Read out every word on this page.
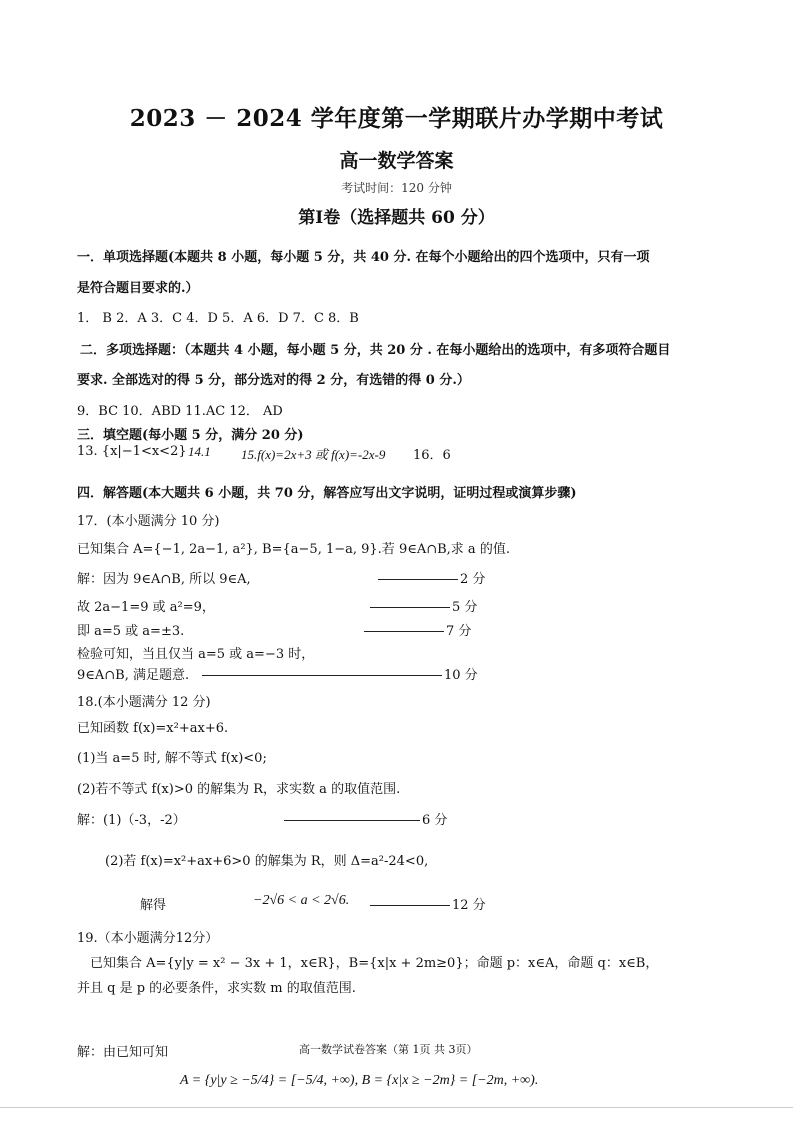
2023 － 2024 学年度第一学期联片办学期中考试
高一数学答案
考试时间：120 分钟
第Ⅰ卷（选择题共 60 分）
一．单项选择题(本题共 8 小题，每小题 5 分，共 40 分. 在每个小题给出的四个选项中，只有一项
是符合题目要求的.）
1． B 2．A 3．C 4．D 5．A 6．D 7．C 8．B
二．多项选择题：（本题共 4 小题，每小题 5 分，共 20 分 . 在每小题给出的选项中，有多项符合题目
要求. 全部选对的得 5 分，部分选对的得 2 分，有选错的得 0 分.）
9．BC 10．ABD 11.AC 12． AD
三．填空题(每小题 5 分，满分 20 分)
13. {x|−1<x<2} 14.1 15.f(x)=2x+3 或 f(x)=-2x-9 16．6
四．解答题(本大题共 6 小题，共 70 分，解答应写出文字说明，证明过程或演算步骤)
17．(本小题满分 10 分)
已知集合 A={−1, 2a−1, a²}, B={a−5, 1−a, 9}.若 9∈A∩B,求 a 的值.
解：因为 9∈A∩B, 所以 9∈A,	2 分
故 2a−1=9 或 a²=9，	5 分
即 a=5 或 a=±3.	7 分
检验可知，当且仅当 a=5 或 a=−3 时，
9∈A∩B, 满足题意.	10 分
18.(本小题满分 12 分)
已知函数 f(x)=x²+ax+6.
(1)当 a=5 时, 解不等式 f(x)<0;
(2)若不等式 f(x)>0 的解集为 R，求实数 a 的取值范围.
解：(1)（-3，-2）	6 分
(2)若 f(x)=x²+ax+6>0 的解集为 R，则 Δ=a²-24<0,
解得	−2√6 < a < 2√6.	12 分
19.（本小题满分12分）
已知集合 A={y|y = x² − 3x + 1，x∈R}，B={x|x + 2m≥0}；命题 p：x∈A，命题 q：x∈B，
并且 q 是 p 的必要条件，求实数 m 的取值范围.
解：由已知可知	高一数学试卷答案（第 1页 共 3页）
A = {y|y ≥ −5/4} = [−5/4, +∞), B = {x|x ≥ −2m} = [−2m, +∞).
